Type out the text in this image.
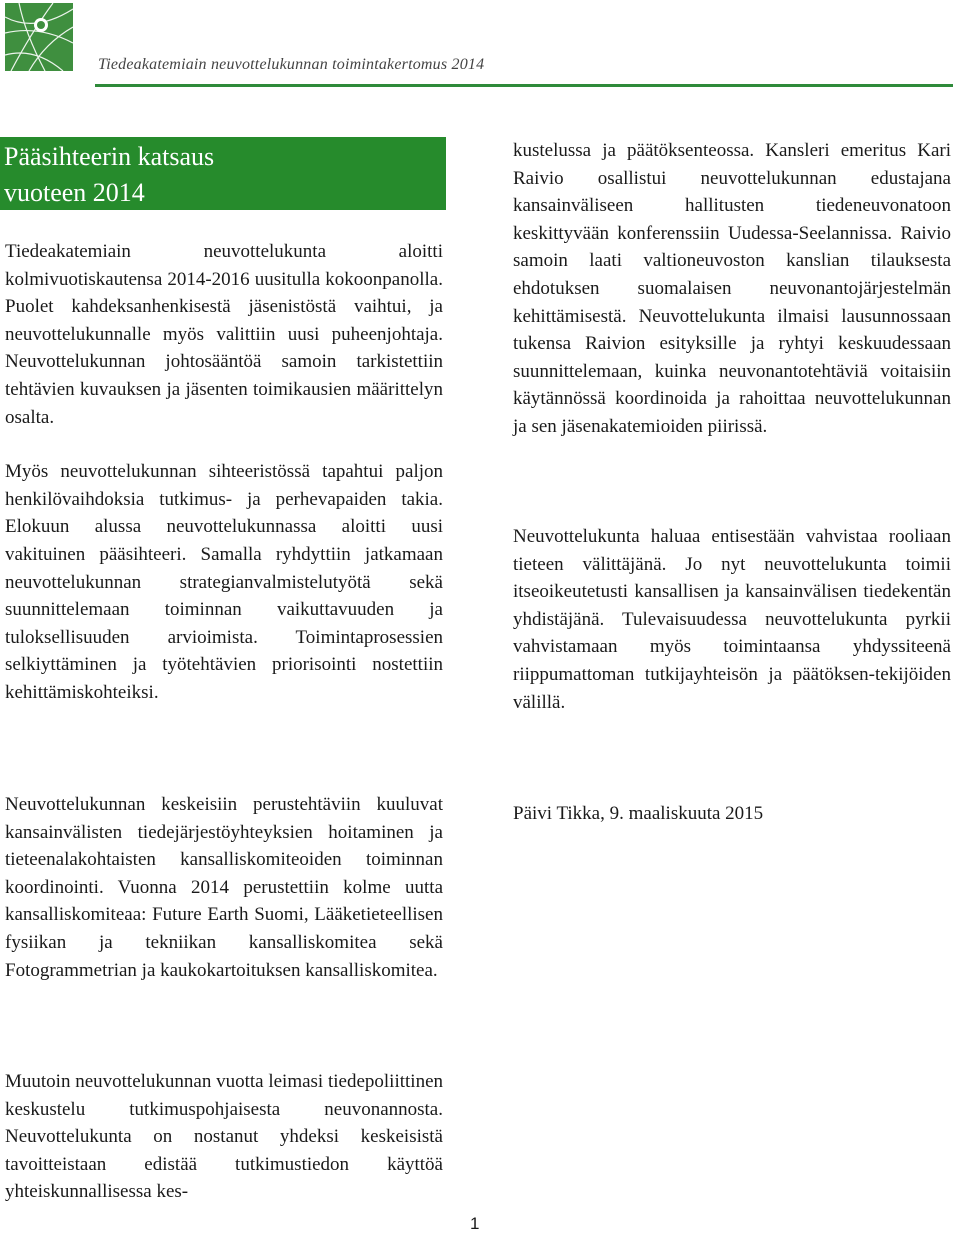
Tiedeakatemiain neuvottelukunnan toimintakertomus 2014
Pääsihteerin katsaus
vuoteen 2014

Tiedeakatemiain neuvottelukunta aloitti kolmivuotiskautensa 2014-2016 uusitulla kokoonpanolla. Puolet kahdeksanhenkisestä jäsenistöstä vaihtui, ja neuvottelukunnalle myös valittiin uusi puheenjohtaja. Neuvottelukunnan johtosääntöä samoin tarkistettiin tehtävien kuvauksen ja jäsenten toimikausien määrittelyn osalta.

Myös neuvottelukunnan sihteeristössä tapahtui paljon henkilövaihdoksia tutkimus- ja perhevapaiden takia. Elokuun alussa neuvottelukunnassa aloitti uusi vakituinen pääsihteeri. Samalla ryhdyttiin jatkamaan neuvottelukunnan strategianvalmistelutyötä sekä suunnittelemaan toiminnan vaikuttavuuden ja tuloksellisuuden arvioimista. Toimintaprosessien selkiyttäminen ja työtehtävien priorisointi nostettiin kehittämiskohteiksi.

Neuvottelukunnan keskeisiin perustehtäviin kuuluvat kansainvälisten tiedejärjestöyhteyksien hoitaminen ja tieteenalakohtaisten kansalliskomiteoiden toiminnan koordinointi. Vuonna 2014 perustettiin kolme uutta kansalliskomiteaa: Future Earth Suomi, Lääketieteellisen fysiikan ja tekniikan kansalliskomitea sekä Fotogrammetrian ja kaukokartoituksen kansalliskomitea.

Muutoin neuvottelukunnan vuotta leimasi tiedepoliittinen keskustelu tutkimuspohjaisesta neuvonannosta. Neuvottelukunta on nostanut yhdeksi keskeisistä tavoitteistaan edistää tutkimustiedon käyttöä yhteiskunnallisessa kes-

kustelussa ja päätöksenteossa. Kansleri emeritus Kari Raivio osallistui neuvottelukunnan edustajana kansainväliseen hallitusten tiedeneuvonatoon keskittyvään konferenssiin Uudessa-Seelannissa. Raivio samoin laati valtioneuvoston kanslian tilauksesta ehdotuksen suomalaisen neuvonantojärjestelmän kehittämisestä. Neuvottelukunta ilmaisi lausunnossaan tukensa Raivion esityksille ja ryhtyi keskuudessaan suunnittelemaan, kuinka neuvonantotehtäviä voitaisiin käytännössä koordinoida ja rahoittaa neuvottelukunnan ja sen jäsenakatemioiden piirissä.

Neuvottelukunta haluaa entisestään vahvistaa rooliaan tieteen välittäjänä. Jo nyt neuvottelukunta toimii itseoikeutetusti kansallisen ja kansainvälisen tiedekentän yhdistäjänä. Tulevaisuudessa neuvottelukunta pyrkii vahvistamaan myös toimintaansa yhdyssiteenä riippumattoman tutkijayhteisön ja päätöksen-tekijöiden välillä.

Päivi Tikka, 9. maaliskuuta 2015
1
